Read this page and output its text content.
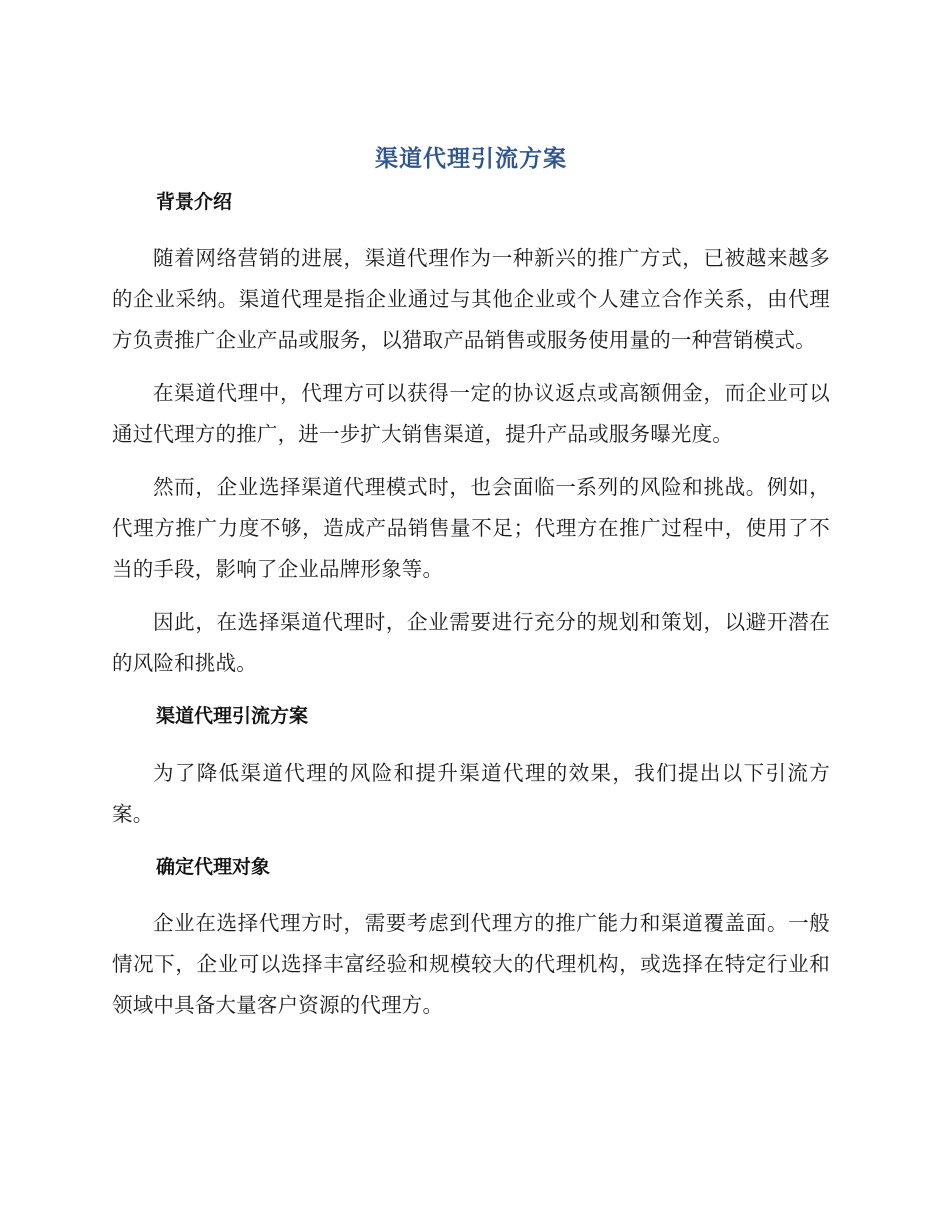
渠道代理引流方案
背景介绍

随着网络营销的进展，渠道代理作为一种新兴的推广方式，已被越来越多的企业采纳。渠道代理是指企业通过与其他企业或个人建立合作关系，由代理方负责推广企业产品或服务，以猎取产品销售或服务使用量的一种营销模式。

在渠道代理中，代理方可以获得一定的协议返点或高额佣金，而企业可以通过代理方的推广，进一步扩大销售渠道，提升产品或服务曝光度。

然而，企业选择渠道代理模式时，也会面临一系列的风险和挑战。例如，代理方推广力度不够，造成产品销售量不足；代理方在推广过程中，使用了不当的手段，影响了企业品牌形象等。

因此，在选择渠道代理时，企业需要进行充分的规划和策划，以避开潜在的风险和挑战。

渠道代理引流方案

为了降低渠道代理的风险和提升渠道代理的效果，我们提出以下引流方案。

确定代理对象

企业在选择代理方时，需要考虑到代理方的推广能力和渠道覆盖面。一般情况下，企业可以选择丰富经验和规模较大的代理机构，或选择在特定行业和领域中具备大量客户资源的代理方。
